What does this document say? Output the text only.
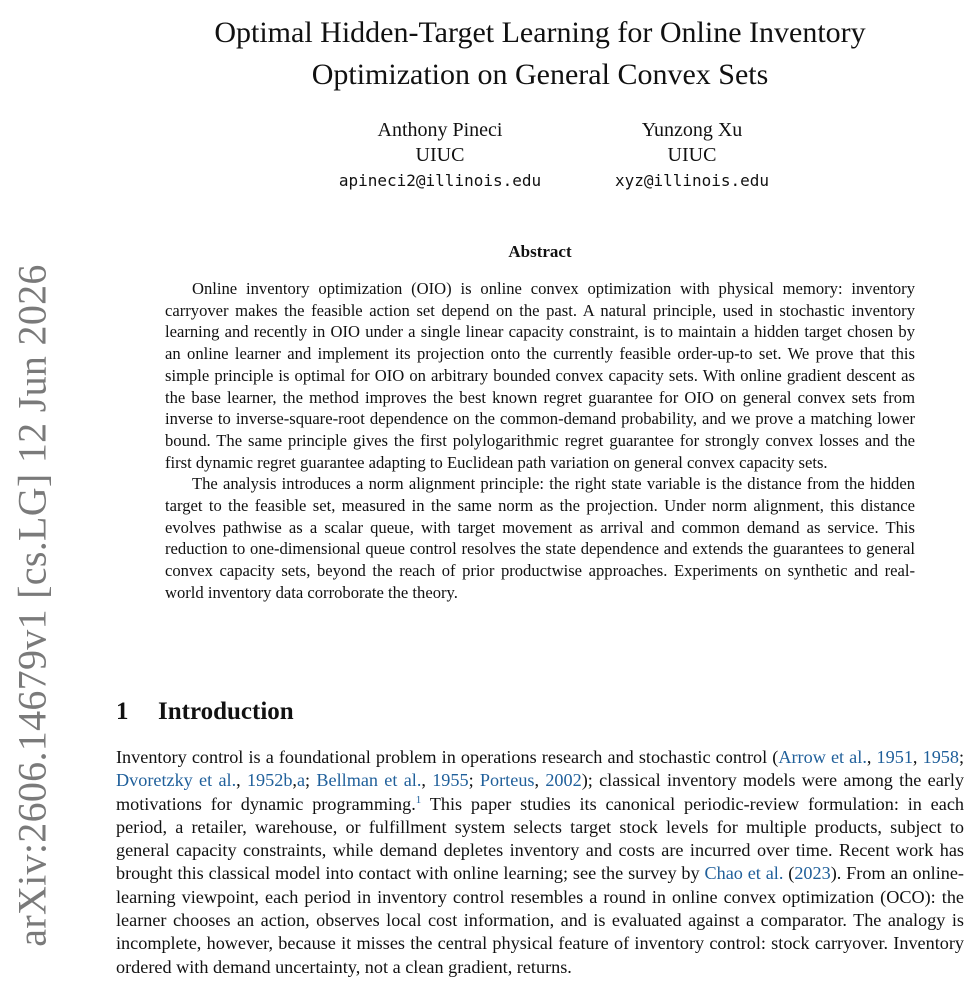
arXiv:2606.14679v1 [cs.LG] 12 Jun 2026
Optimal Hidden-Target Learning for Online Inventory
Optimization on General Convex Sets
Anthony Pineci
UIUC
apineci2@illinois.edu
Yunzong Xu
UIUC
xyz@illinois.edu
Abstract

Online inventory optimization (OIO) is online convex optimization with physical memory: inventory carryover makes the feasible action set depend on the past. A natural principle, used in stochastic inventory learning and recently in OIO under a single linear capacity constraint, is to maintain a hidden target chosen by an online learner and implement its projection onto the currently feasible order-up-to set. We prove that this simple principle is optimal for OIO on arbitrary bounded convex capacity sets. With online gradient descent as the base learner, the method improves the best known regret guarantee for OIO on general convex sets from inverse to inverse-square-root dependence on the common-demand probability, and we prove a matching lower bound. The same principle gives the first polylogarithmic regret guarantee for strongly convex losses and the first dynamic regret guarantee adapting to Euclidean path variation on general convex capacity sets.

The analysis introduces a norm alignment principle: the right state variable is the distance from the hidden target to the feasible set, measured in the same norm as the projection. Under norm alignment, this distance evolves pathwise as a scalar queue, with target movement as arrival and common demand as service. This reduction to one-dimensional queue control resolves the state dependence and extends the guarantees to general convex capacity sets, beyond the reach of prior productwise approaches. Experiments on synthetic and real-world inventory data corroborate the theory.

1 Introduction

Inventory control is a foundational problem in operations research and stochastic control (Arrow et al., 1951, 1958; Dvoretzky et al., 1952b,a; Bellman et al., 1955; Porteus, 2002); classical inventory models were among the early motivations for dynamic programming.$^1$ This paper studies its canonical periodic-review formulation: in each period, a retailer, warehouse, or fulfillment system selects target stock levels for multiple products, subject to general capacity constraints, while demand depletes inventory and costs are incurred over time. Recent work has brought this classical model into contact with online learning; see the survey by Chao et al. (2023). From an online-learning viewpoint, each period in inventory control resembles a round in online convex optimization (OCO): the learner chooses an action, observes local cost information, and is evaluated against a comparator. The analogy is incomplete, however, because it misses the central physical feature of inventory control: stock carryover. Inventory ordered with demand uncertainty, not a clean gradient, returns.
